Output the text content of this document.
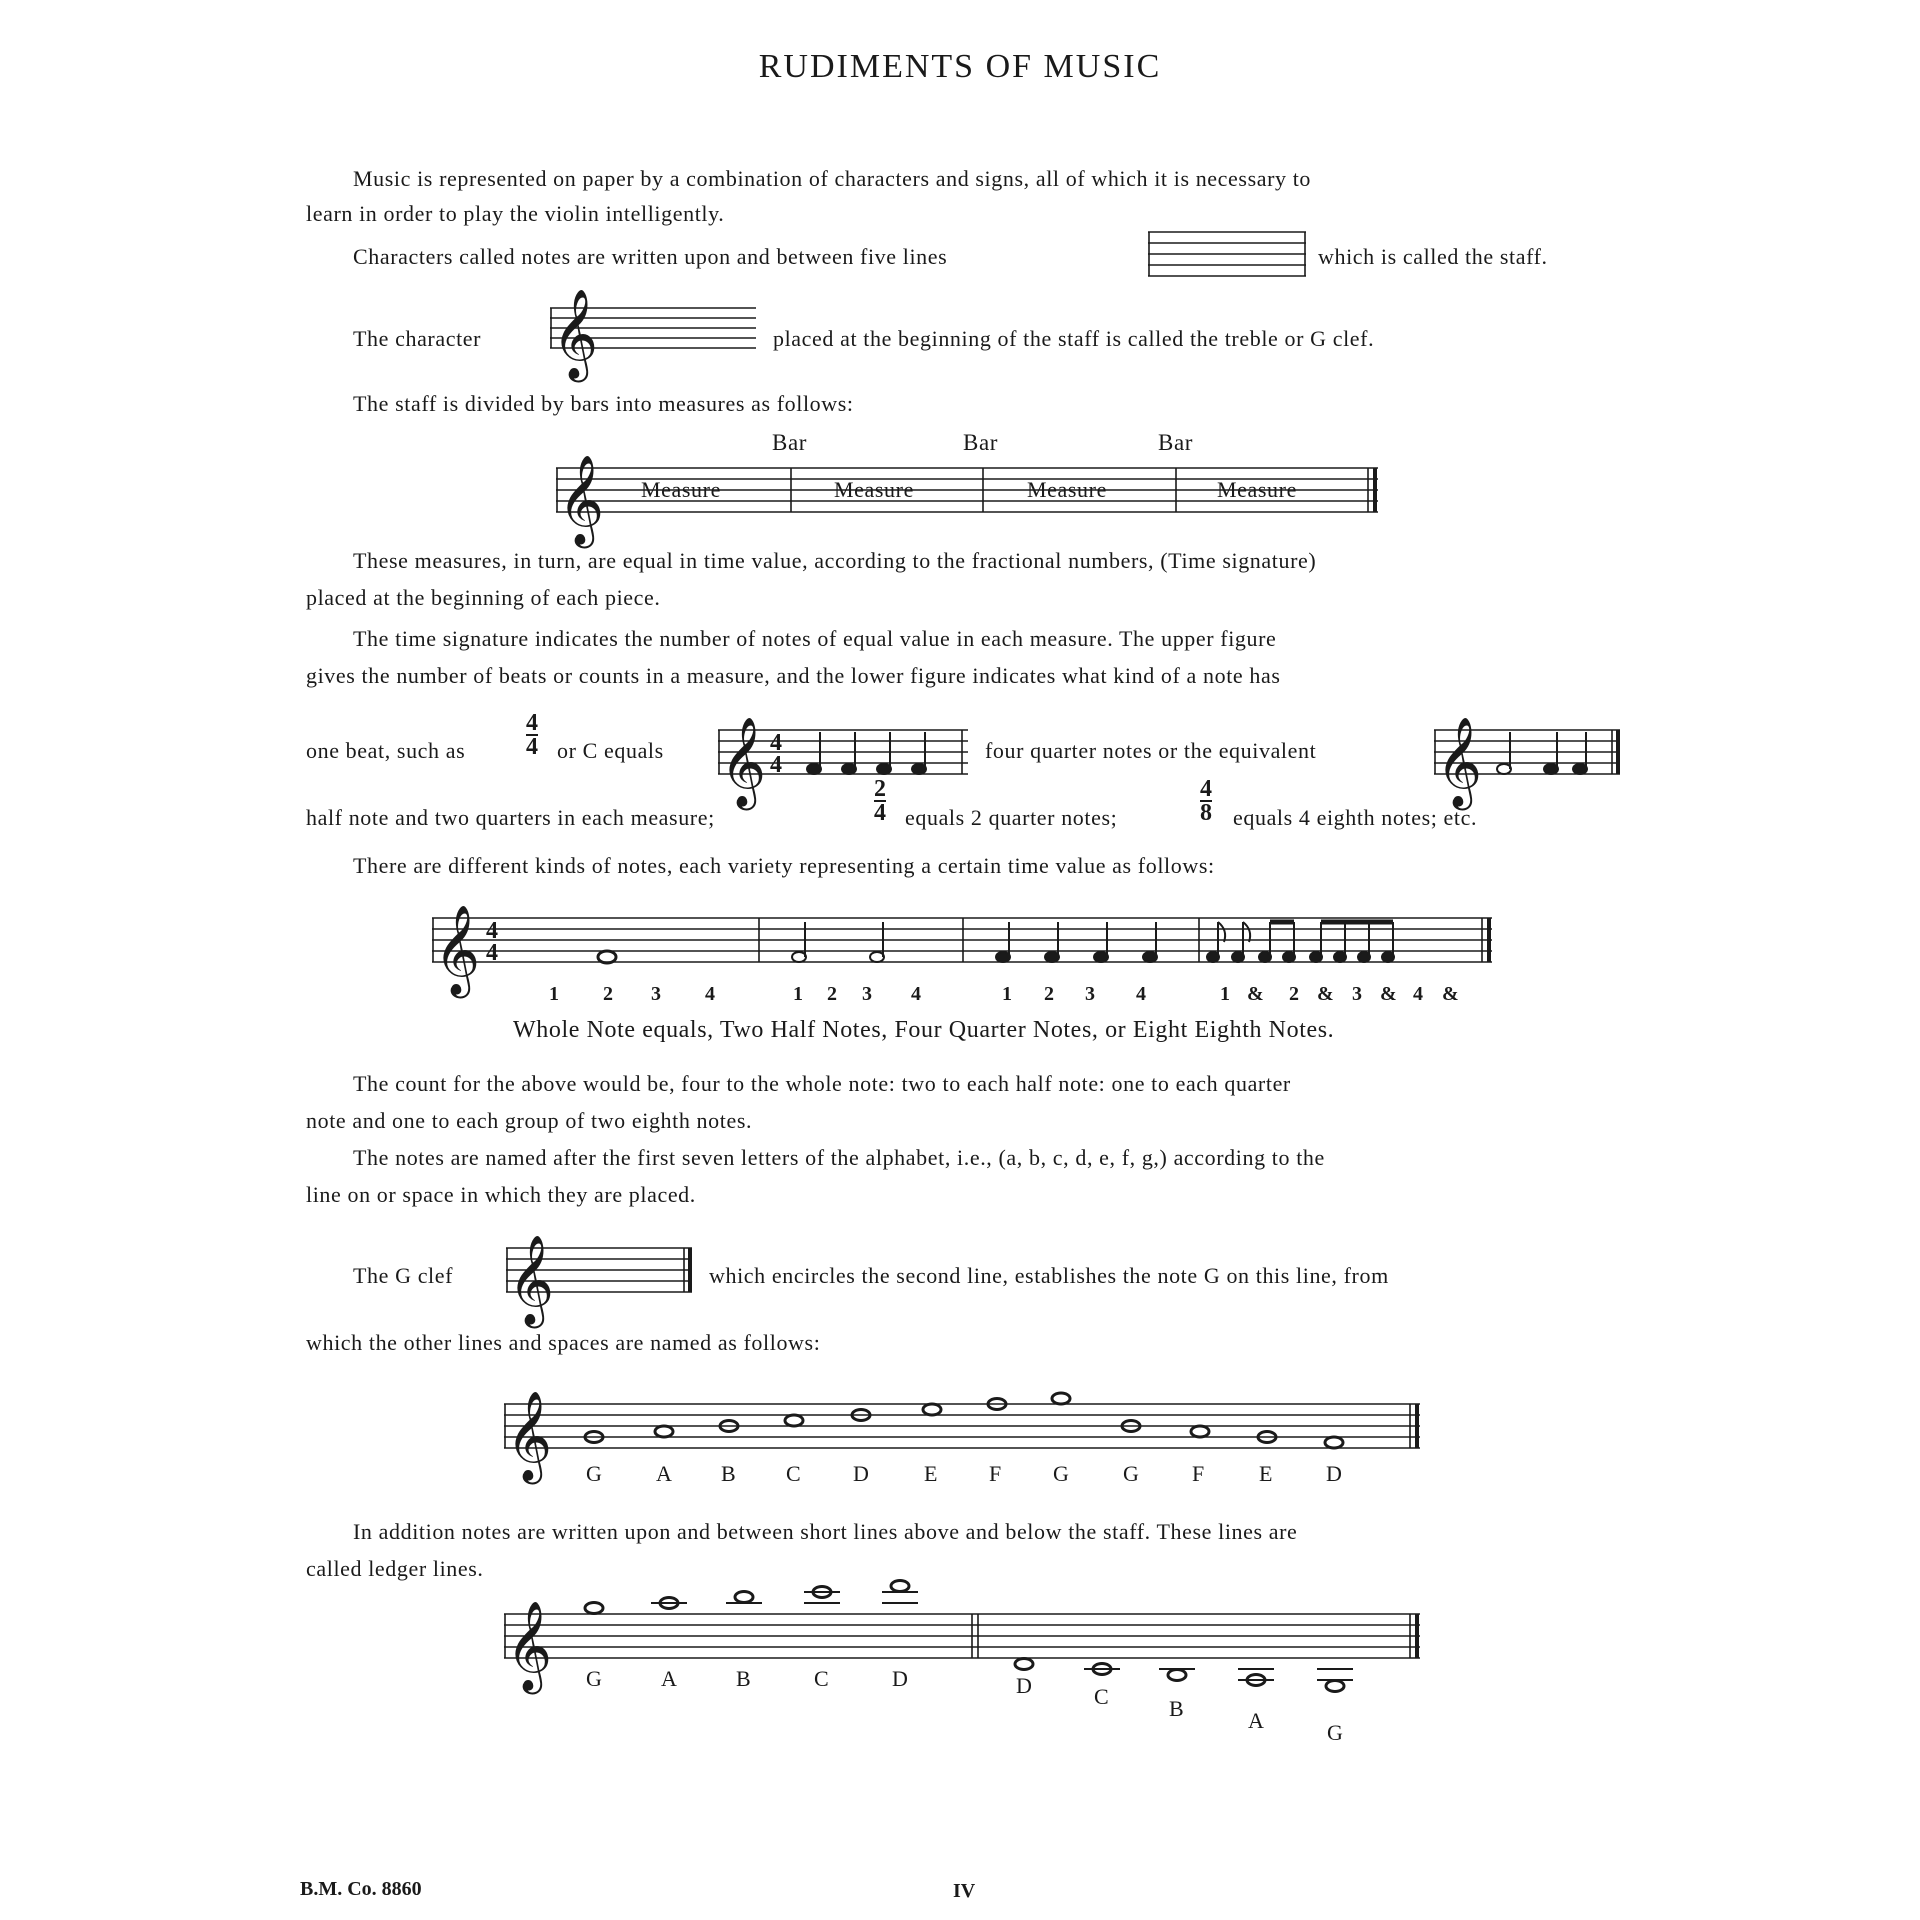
RUDIMENTS OF MUSIC
Music is represented on paper by a combination of characters and signs, all of which it is necessary to
learn in order to play the violin intelligently.
Characters called notes are written upon and between five lines	which is called the staff.
The character 𝄞	placed at the beginning of the staff is called the treble or G clef.
The staff is divided by bars into measures as follows:
Bar	Bar	Bar
𝄞 Measure	Measure	Measure	Measure
These measures, in turn, are equal in time value, according to the fractional numbers, (Time signature)
placed at the beginning of each piece.
The time signature indicates the number of notes of equal value in each measure. The upper figure
gives the number of beats or counts in a measure, and the lower figure indicates what kind of a note has
one beat, such as	$\frac{4}{4}$ or C equals 𝄞 4
4
four quarter notes or the equivalent 𝄞
half note and two quarters in each measure;	$\frac{2}{4}$ equals 2 quarter notes;	$\frac{4}{8}$ equals 4 eighth notes; etc.
There are different kinds of notes, each variety representing a certain time value as follows:
𝄞 4
4
1 2 3 4	1 2 3 4	1 2 3 4	1 & 2 & 3 & 4 &
Whole Note equals, Two Half Notes, Four Quarter Notes, or Eight Eighth Notes.
The count for the above would be, four to the whole note: two to each half note: one to each quarter
note and one to each group of two eighth notes.
The notes are named after the first seven letters of the alphabet, i.e., (a, b, c, d, e, f, g,) according to the
line on or space in which they are placed.
The G clef 𝄞	which encircles the second line, establishes the note G on this line, from
which the other lines and spaces are named as follows:
𝄞 G A B C D E F G G F E D
In addition notes are written upon and between short lines above and below the staff. These lines are
called ledger lines.
𝄞 G	A	B	C	D	D	C	B	A	G
B.M. Co. 8860	IV
